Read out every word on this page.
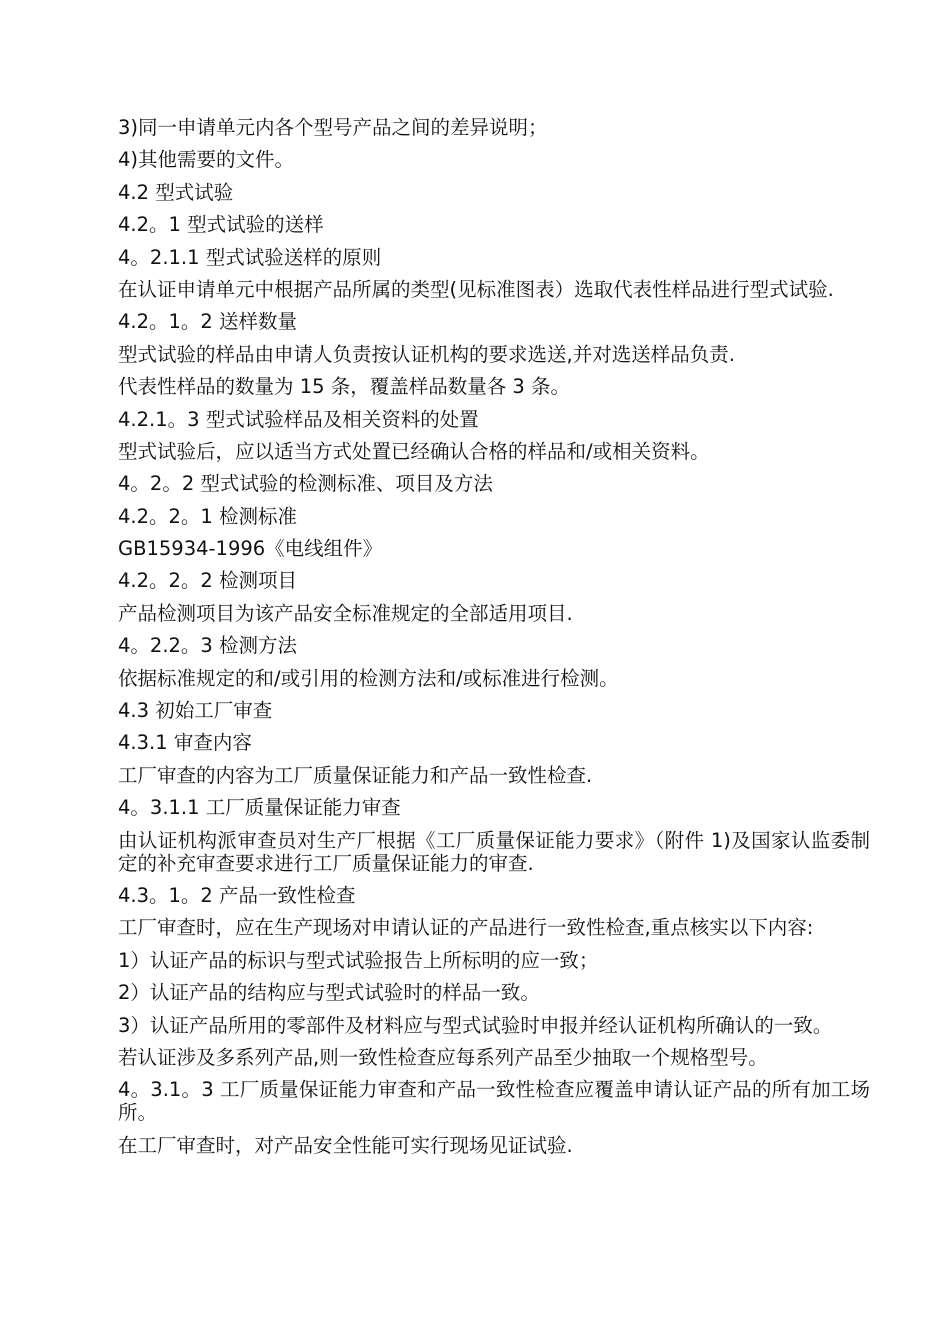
3)同一申请单元内各个型号产品之间的差异说明；
4)其他需要的文件。
4.2 型式试验
4.2。1 型式试验的送样
4。2.1.1 型式试验送样的原则
在认证申请单元中根据产品所属的类型(见标准图表）选取代表性样品进行型式试验.
4.2。1。2 送样数量
型式试验的样品由申请人负责按认证机构的要求选送,并对选送样品负责.
代表性样品的数量为 15 条，覆盖样品数量各 3 条。
4.2.1。3 型式试验样品及相关资料的处置
型式试验后，应以适当方式处置已经确认合格的样品和/或相关资料。
4。2。2 型式试验的检测标准、项目及方法
4.2。2。1 检测标准
GB15934-1996《电线组件》
4.2。2。2 检测项目
产品检测项目为该产品安全标准规定的全部适用项目.
4。2.2。3 检测方法
依据标准规定的和/或引用的检测方法和/或标准进行检测。
4.3 初始工厂审查
4.3.1 审查内容
工厂审查的内容为工厂质量保证能力和产品一致性检查.
4。3.1.1 工厂质量保证能力审查
由认证机构派审查员对生产厂根据《工厂质量保证能力要求》（附件 1)及国家认监委制定的补充审查要求进行工厂质量保证能力的审查.
4.3。1。2 产品一致性检查
工厂审查时，应在生产现场对申请认证的产品进行一致性检查,重点核实以下内容:
1）认证产品的标识与型式试验报告上所标明的应一致；
2）认证产品的结构应与型式试验时的样品一致。
3）认证产品所用的零部件及材料应与型式试验时申报并经认证机构所确认的一致。
若认证涉及多系列产品,则一致性检查应每系列产品至少抽取一个规格型号。
4。3.1。3 工厂质量保证能力审查和产品一致性检查应覆盖申请认证产品的所有加工场所。
在工厂审查时，对产品安全性能可实行现场见证试验.
